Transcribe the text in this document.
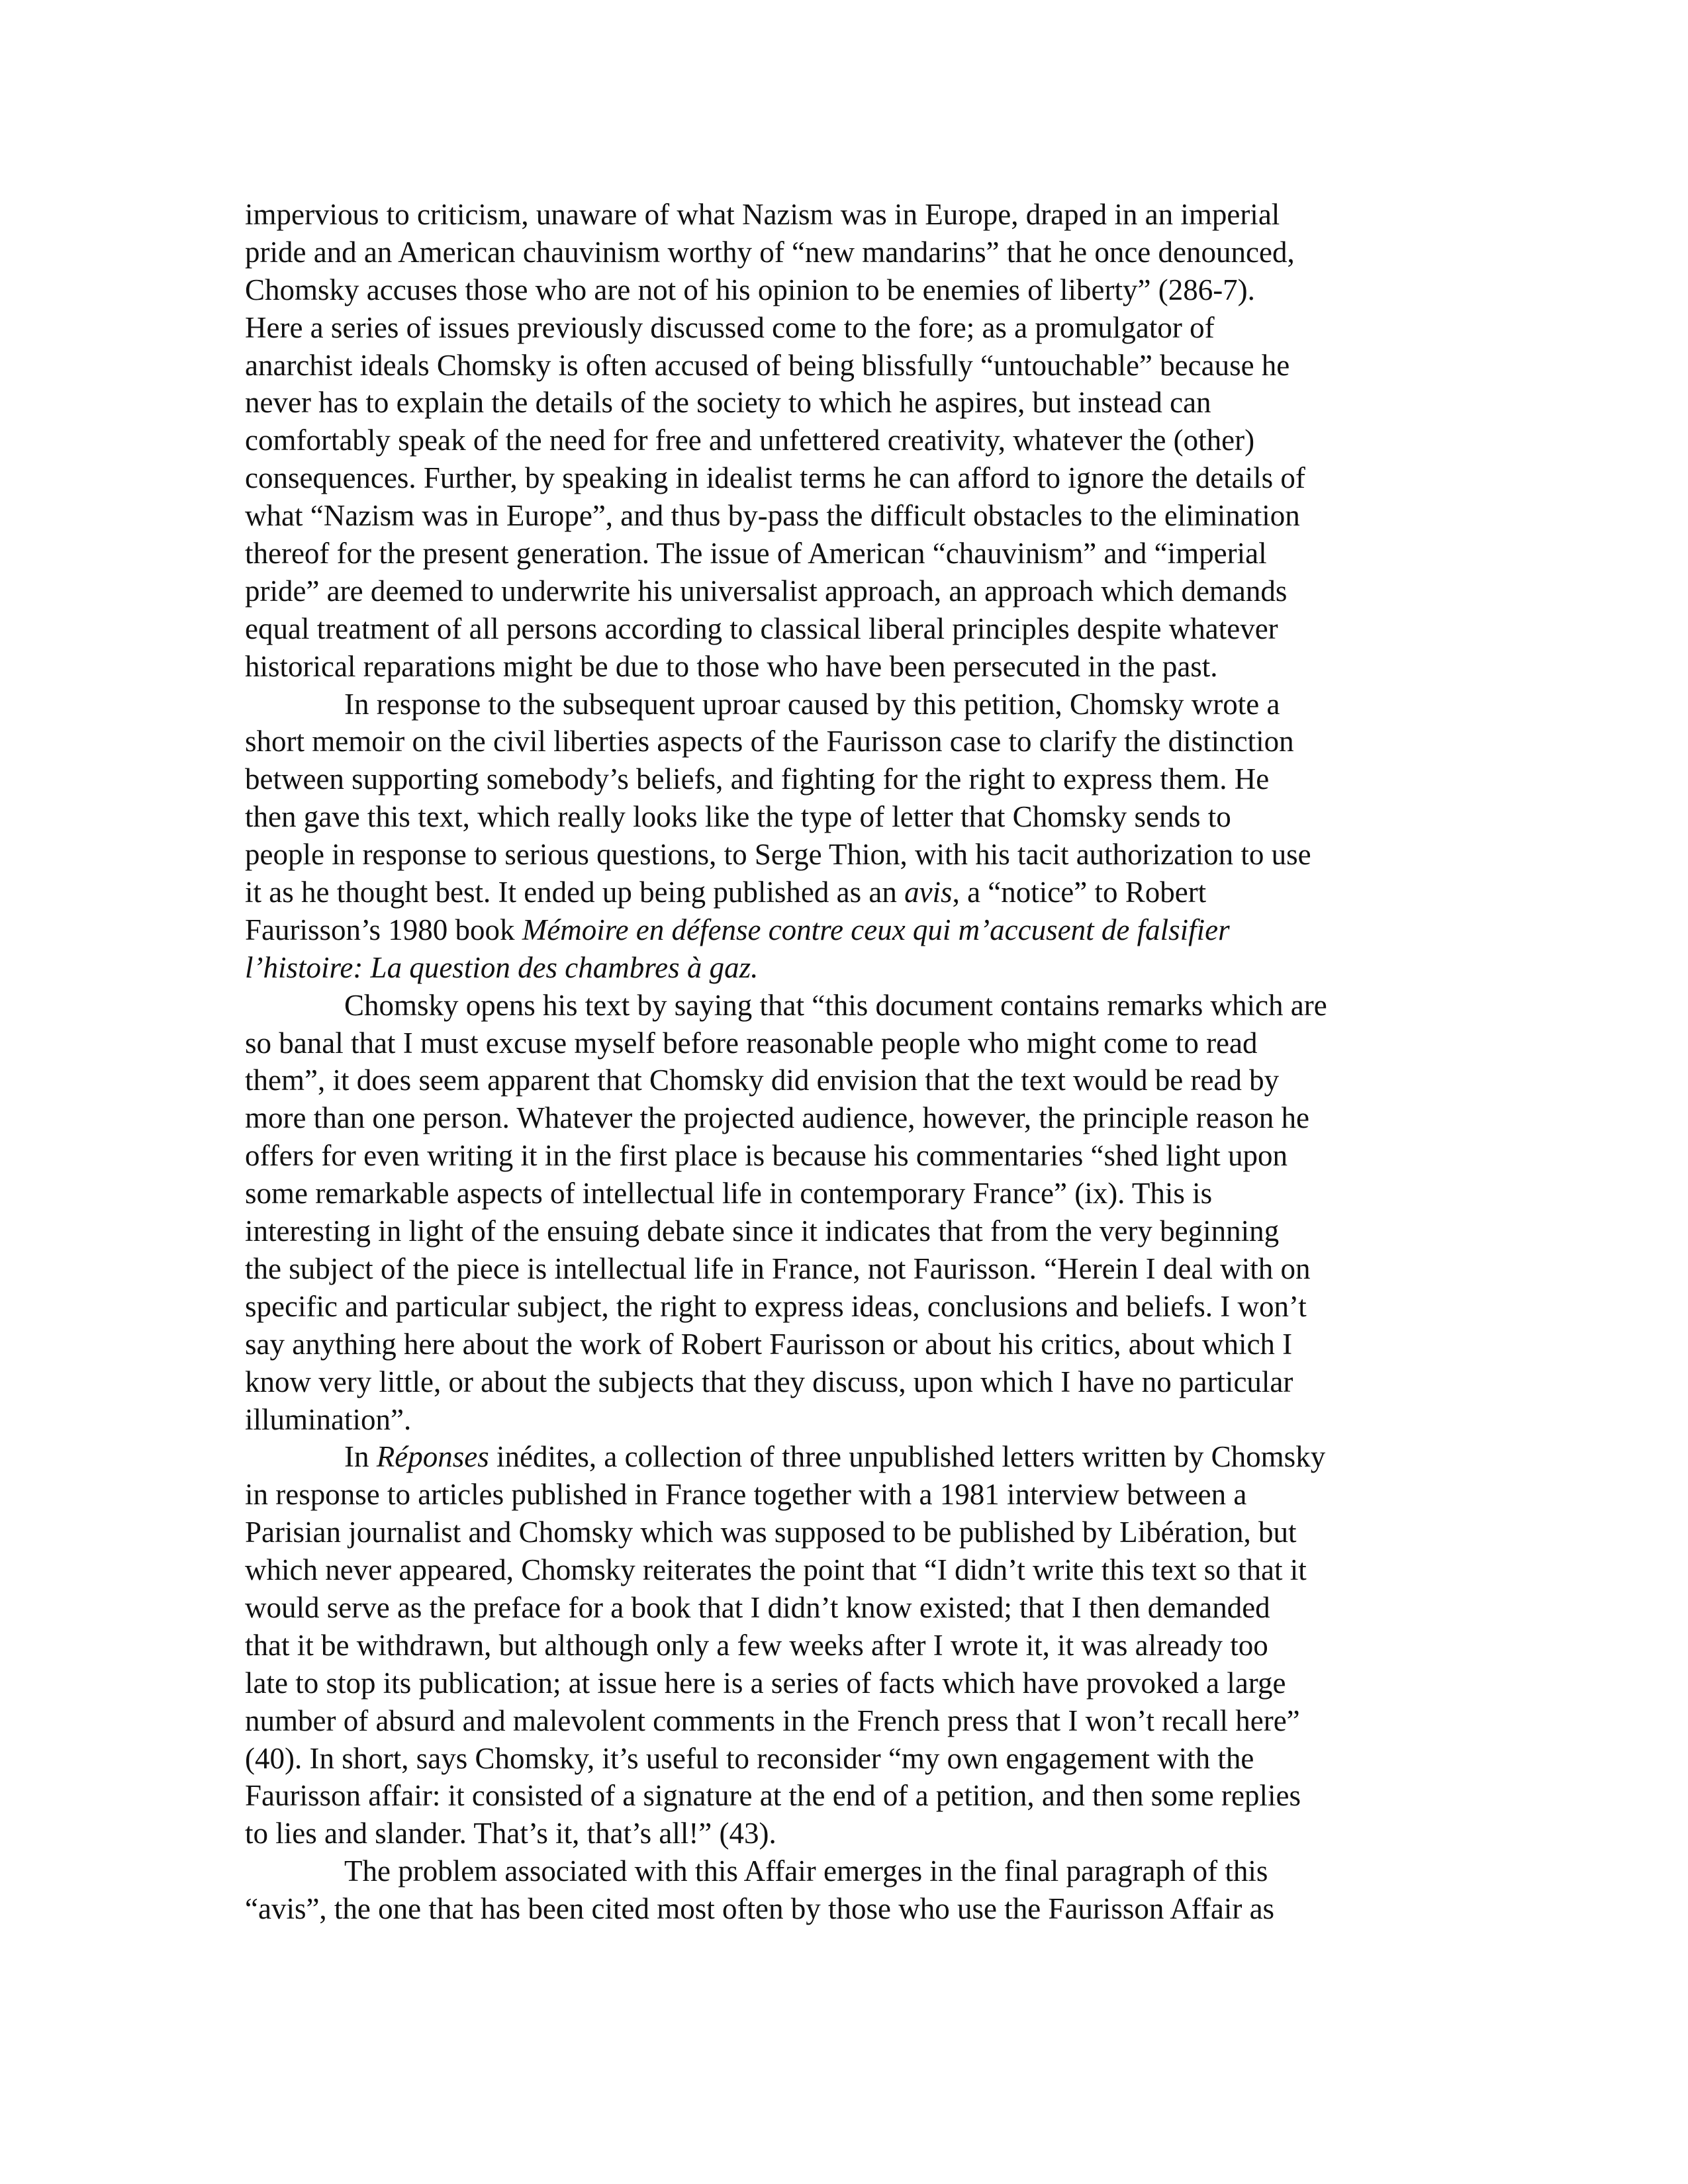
impervious to criticism, unaware of what Nazism was in Europe, draped in an imperial
pride and an American chauvinism worthy of “new mandarins” that he once denounced,
Chomsky accuses those who are not of his opinion to be enemies of liberty” (286-7).
Here a series of issues previously discussed come to the fore; as a promulgator of
anarchist ideals Chomsky is often accused of being blissfully “untouchable” because he
never has to explain the details of the society to which he aspires, but instead can
comfortably speak of the need for free and unfettered creativity, whatever the (other)
consequences. Further, by speaking in idealist terms he can afford to ignore the details of
what “Nazism was in Europe”, and thus by-pass the difficult obstacles to the elimination
thereof for the present generation. The issue of American “chauvinism” and “imperial
pride” are deemed to underwrite his universalist approach, an approach which demands
equal treatment of all persons according to classical liberal principles despite whatever
historical reparations might be due to those who have been persecuted in the past.
In response to the subsequent uproar caused by this petition, Chomsky wrote a
short memoir on the civil liberties aspects of the Faurisson case to clarify the distinction
between supporting somebody’s beliefs, and fighting for the right to express them. He
then gave this text, which really looks like the type of letter that Chomsky sends to
people in response to serious questions, to Serge Thion, with his tacit authorization to use
it as he thought best. It ended up being published as an avis, a “notice” to Robert
Faurisson’s 1980 book Mémoire en défense contre ceux qui m’accusent de falsifier
l’histoire: La question des chambres à gaz.
Chomsky opens his text by saying that “this document contains remarks which are
so banal that I must excuse myself before reasonable people who might come to read
them”, it does seem apparent that Chomsky did envision that the text would be read by
more than one person. Whatever the projected audience, however, the principle reason he
offers for even writing it in the first place is because his commentaries “shed light upon
some remarkable aspects of intellectual life in contemporary France” (ix). This is
interesting in light of the ensuing debate since it indicates that from the very beginning
the subject of the piece is intellectual life in France, not Faurisson. “Herein I deal with on
specific and particular subject, the right to express ideas, conclusions and beliefs. I won’t
say anything here about the work of Robert Faurisson or about his critics, about which I
know very little, or about the subjects that they discuss, upon which I have no particular
illumination”.
In Réponses inédites, a collection of three unpublished letters written by Chomsky
in response to articles published in France together with a 1981 interview between a
Parisian journalist and Chomsky which was supposed to be published by Libération, but
which never appeared, Chomsky reiterates the point that “I didn’t write this text so that it
would serve as the preface for a book that I didn’t know existed; that I then demanded
that it be withdrawn, but although only a few weeks after I wrote it, it was already too
late to stop its publication; at issue here is a series of facts which have provoked a large
number of absurd and malevolent comments in the French press that I won’t recall here”
(40). In short, says Chomsky, it’s useful to reconsider “my own engagement with the
Faurisson affair: it consisted of a signature at the end of a petition, and then some replies
to lies and slander. That’s it, that’s all!” (43).
The problem associated with this Affair emerges in the final paragraph of this
“avis”, the one that has been cited most often by those who use the Faurisson Affair as
